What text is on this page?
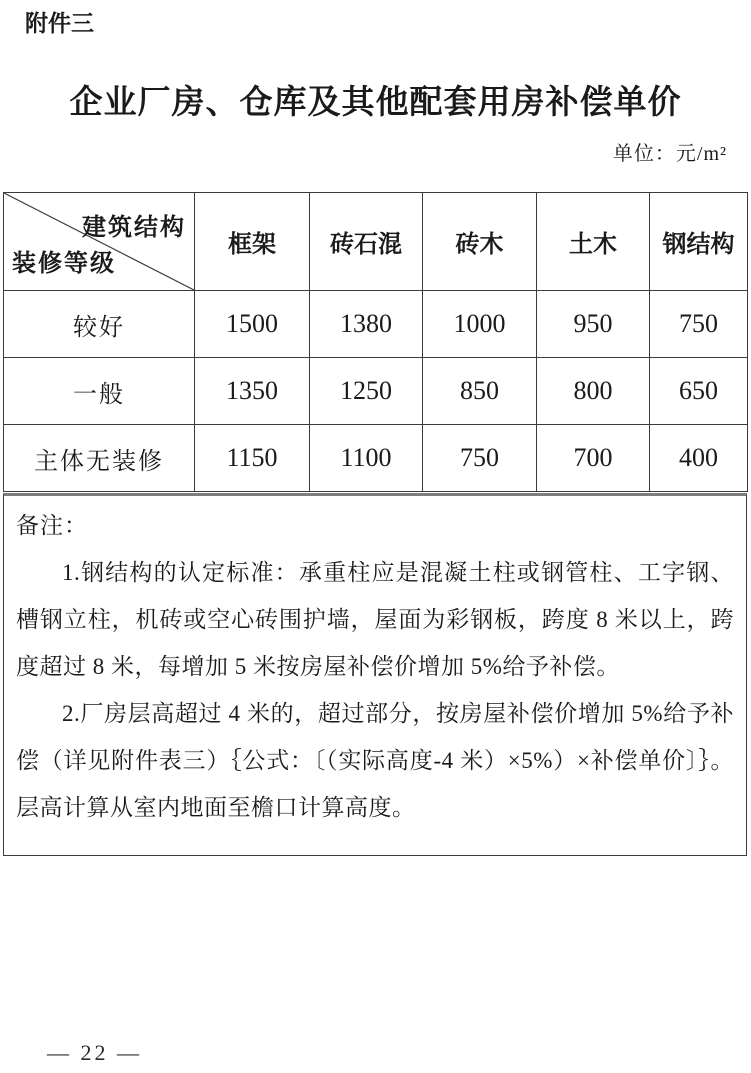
附件三
企业厂房、仓库及其他配套用房补偿单价
单位：元/m²
建筑结构
装修等级	框架	砖石混	砖木	土木	钢结构
较好	1500	1380	1000	950	750
一般	1350	1250	850	800	650
主体无装修	1150	1100	750	700	400
备注：

1.钢结构的认定标准：承重柱应是混凝土柱或钢管柱、工字钢、槽钢立柱，机砖或空心砖围护墙，屋面为彩钢板，跨度 8 米以上，跨度超过 8 米，每增加 5 米按房屋补偿价增加 5%给予补偿。

2.厂房层高超过 4 米的，超过部分，按房屋补偿价增加 5%给予补偿（详见附件表三）｛公式：〔（实际高度-4 米）×5%）×补偿单价〕｝。层高计算从室内地面至檐口计算高度。

— 22 —
